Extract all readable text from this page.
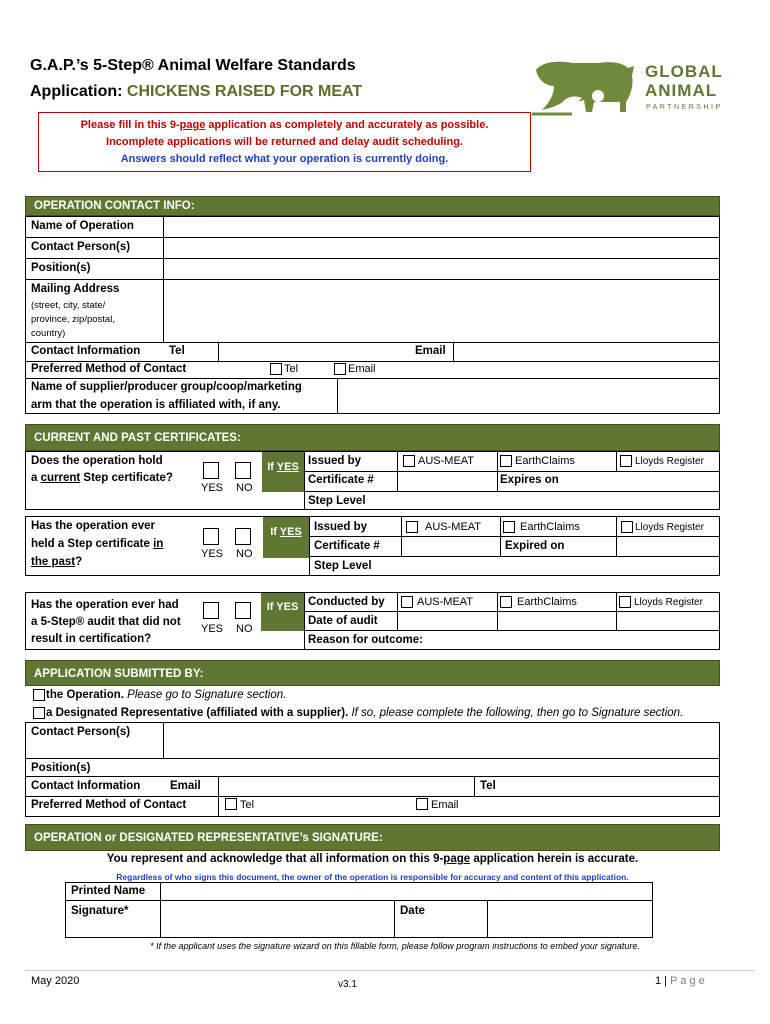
G.A.P.’s 5-Step® Animal Welfare Standards
Application: CHICKENS RAISED FOR MEAT
GLOBAL
ANIMAL
PARTNERSHIP
Please fill in this 9-page application as completely and accurately as possible.
Incomplete applications will be returned and delay audit scheduling.
Answers should reflect what your operation is currently doing.
OPERATION CONTACT INFO:
Name of Operation
Contact Person(s)
Position(s)
Mailing Address
(street, city, state/
province, zip/postal,
country)
Contact Information	Tel	Email
Preferred Method of Contact	Tel	Email
Name of supplier/producer group/coop/marketing
arm that the operation is affiliated with, if any.
CURRENT AND PAST CERTIFICATES:
Does the operation hold
a current Step certificate?
YES NO
If YES Issued by	AUS-MEAT	EarthClaims	Lloyds Register
Certificate #	Expires on
Step Level
Has the operation ever
held a Step certificate in
the past?
YES NO
If YES	Issued by	AUS-MEAT	EarthClaims	Lloyds Register
Certificate #	Expired on
Step Level
Has the operation ever had
a 5-Step® audit that did not
result in certification?
YES NO
If YES Conducted by	AUS-MEAT	EarthClaims	Lloyds Register
Date of audit
Reason for outcome:
APPLICATION SUBMITTED BY:
the Operation. Please go to Signature section.
a Designated Representative (affiliated with a supplier). If so, please complete the following, then go to Signature section.
Contact Person(s)
Position(s)
Contact Information	Email	Tel
Preferred Method of Contact	Tel	Email
OPERATION or DESIGNATED REPRESENTATIVE’s SIGNATURE:
You represent and acknowledge that all information on this 9-page application herein is accurate.
Regardless of who signs this document, the owner of the operation is responsible for accuracy and content of this application.
Printed Name
Signature*	Date
* If the applicant uses the signature wizard on this fillable form, please follow program instructions to embed your signature.
May 2020	v3.1	1 | P a g e
